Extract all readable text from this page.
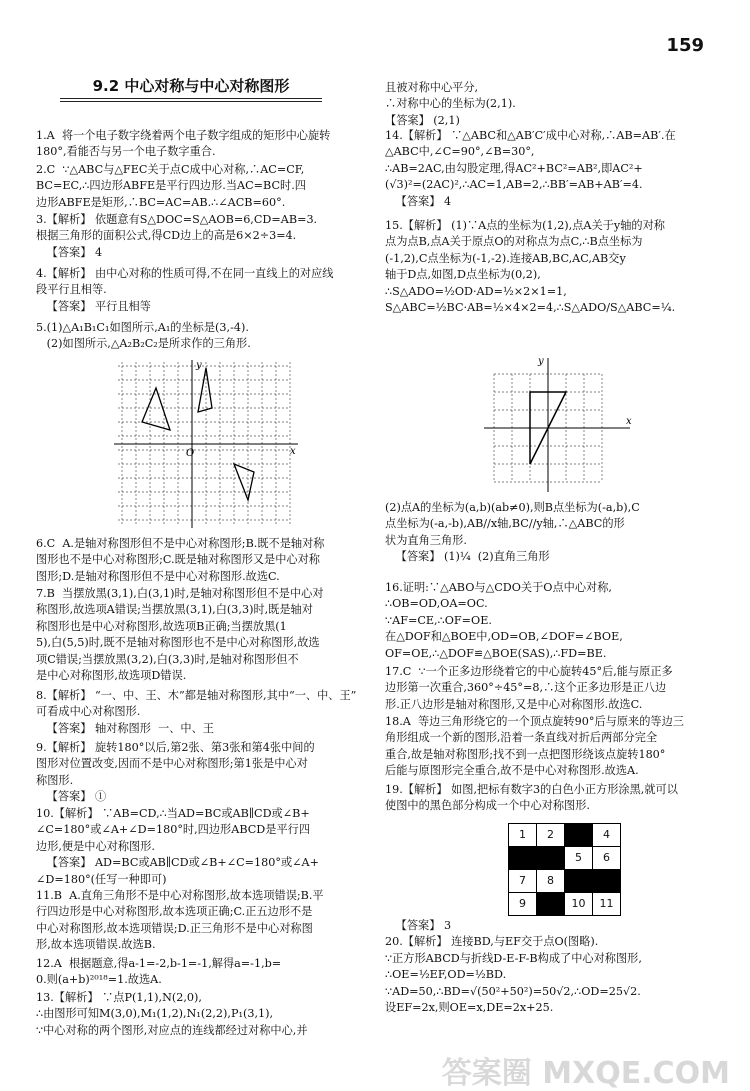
159
9.2 中心对称与中心对称图形
1.A  将一个电子数字绕着两个电子数字组成的矩形中心旋转
180°,看能否与另一个电子数字重合.
2.C  ∵△ABC与△FEC关于点C成中心对称,∴AC=CF,
BC=EC,∴四边形ABFE是平行四边形.当AC=BC时.四
边形ABFE是矩形,∴BC=AC=AB.∴∠ACB=60°.
3.【解析】 依题意有S△DOC=S△AOB=6,CD=AB=3.
根据三角形的面积公式,得CD边上的高是6×2÷3=4.
【答案】 4
4.【解析】 由中心对称的性质可得,不在同一直线上的对应线
段平行且相等.
【答案】 平行且相等
5.(1)△A₁B₁C₁如图所示,A₁的坐标是(3,-4).
(2)如图所示,△A₂B₂C₂是所求作的三角形.
6.C  A.是轴对称图形但不是中心对称图形;B.既不是轴对称
图形也不是中心对称图形;C.既是轴对称图形又是中心对称
图形;D.是轴对称图形但不是中心对称图形.故选C.
7.B  当摆放黑(3,1),白(3,1)时,是轴对称图形但不是中心对
称图形,故选项A错误;当摆放黑(3,1),白(3,3)时,既是轴对
称图形也是中心对称图形,故选项B正确;当摆放黑(1
5),白(5,5)时,既不是轴对称图形也不是中心对称图形,故选
项C错误;当摆放黑(3,2),白(3,3)时,是轴对称图形但不
是中心对称图形,故选项D错误.
8.【解析】 “一、中、王、木”都是轴对称图形,其中“一、中、王”
可看成中心对称图形.
【答案】 轴对称图形  一、中、王
9.【解析】 旋转180°以后,第2张、第3张和第4张中间的
图形对位置改变,因而不是中心对称图形;第1张是中心对
称图形.
【答案】 ①
10.【解析】 ∵AB=CD,∴当AD=BC或AB∥CD或∠B+
∠C=180°或∠A+∠D=180°时,四边形ABCD是平行四
边形,便是中心对称图形.
【答案】 AD=BC或AB∥CD或∠B+∠C=180°或∠A+
∠D=180°(任写一种即可)
11.B  A.直角三角形不是中心对称图形,故本选项错误;B.平
行四边形是中心对称图形,故本选项正确;C.正五边形不是
中心对称图形,故本选项错误;D.正三角形不是中心对称图
形,故本选项错误.故选B.
12.A  根据题意,得a-1=-2,b-1=-1,解得a=-1,b=
0.则(a+b)²⁰¹⁸=1.故选A.
13.【解析】 ∵点P(1,1),N(2,0),
∴由图形可知M(3,0),M₁(1,2),N₁(2,2),P₁(3,1),
∵中心对称的两个图形,对应点的连线都经过对称中心,并
且被对称中心平分,
∴对称中心的坐标为(2,1).
【答案】 (2,1)
14.【解析】 ∵△ABC和△AB′C′成中心对称,∴AB=AB′.在
△ABC中,∠C=90°,∠B=30°,
∴AB=2AC,由勾股定理,得AC²+BC²=AB²,即AC²+
(√3)²=(2AC)²,∴AC=1,AB=2,∴BB′=AB+AB′=4.
【答案】 4
15.【解析】 (1)∵A点的坐标为(1,2),点A关于y轴的对称
点为点B,点A关于原点O的对称点为点C,∴B点坐标为
(-1,2),C点坐标为(-1,-2).连接AB,BC,AC,AB交y
轴于D点,如图,D点坐标为(0,2),
∴S△ADO=½OD·AD=½×2×1=1,
S△ABC=½BC·AB=½×4×2=4,∴S△ADO/S△ABC=¼.
(2)点A的坐标为(a,b)(ab≠0),则B点坐标为(-a,b),C
点坐标为(-a,-b),AB//x轴,BC//y轴,∴△ABC的形
状为直角三角形.
【答案】 (1)¼  (2)直角三角形
16.证明:∵△ABO与△CDO关于O点中心对称,
∴OB=OD,OA=OC.
∵AF=CE,∴OF=OE.
在△DOF和△BOE中,OD=OB,∠DOF=∠BOE,
OF=OE,∴△DOF≌△BOE(SAS),∴FD=BE.
17.C  ∵一个正多边形绕着它的中心旋转45°后,能与原正多
边形第一次重合,360°÷45°=8,∴这个正多边形是正八边
形.正八边形是轴对称图形,又是中心对称图形.故选C.
18.A  等边三角形绕它的一个顶点旋转90°后与原来的等边三
角形组成一个新的图形,沿着一条直线对折后两部分完全
重合,故是轴对称图形;找不到一点把图形绕该点旋转180°
后能与原图形完全重合,故不是中心对称图形.故选A.
19.【解析】 如图,把标有数字3的白色小正方形涂黑,就可以
使图中的黑色部分构成一个中心对称图形.
【答案】 3
20.【解析】 连接BD,与EF交于点O(图略).
∵正方形ABCD与折线D-E-F-B构成了中心对称图形,
∴OE=½EF,OD=½BD.
∵AD=50,∴BD=√(50²+50²)=50√2,∴OD=25√2.
设EF=2x,则OE=x,DE=2x+25.
O	x
y
x
y
1	2		4
		5	6
7	8		
9		10	11
答案圈 MXQE.COM
